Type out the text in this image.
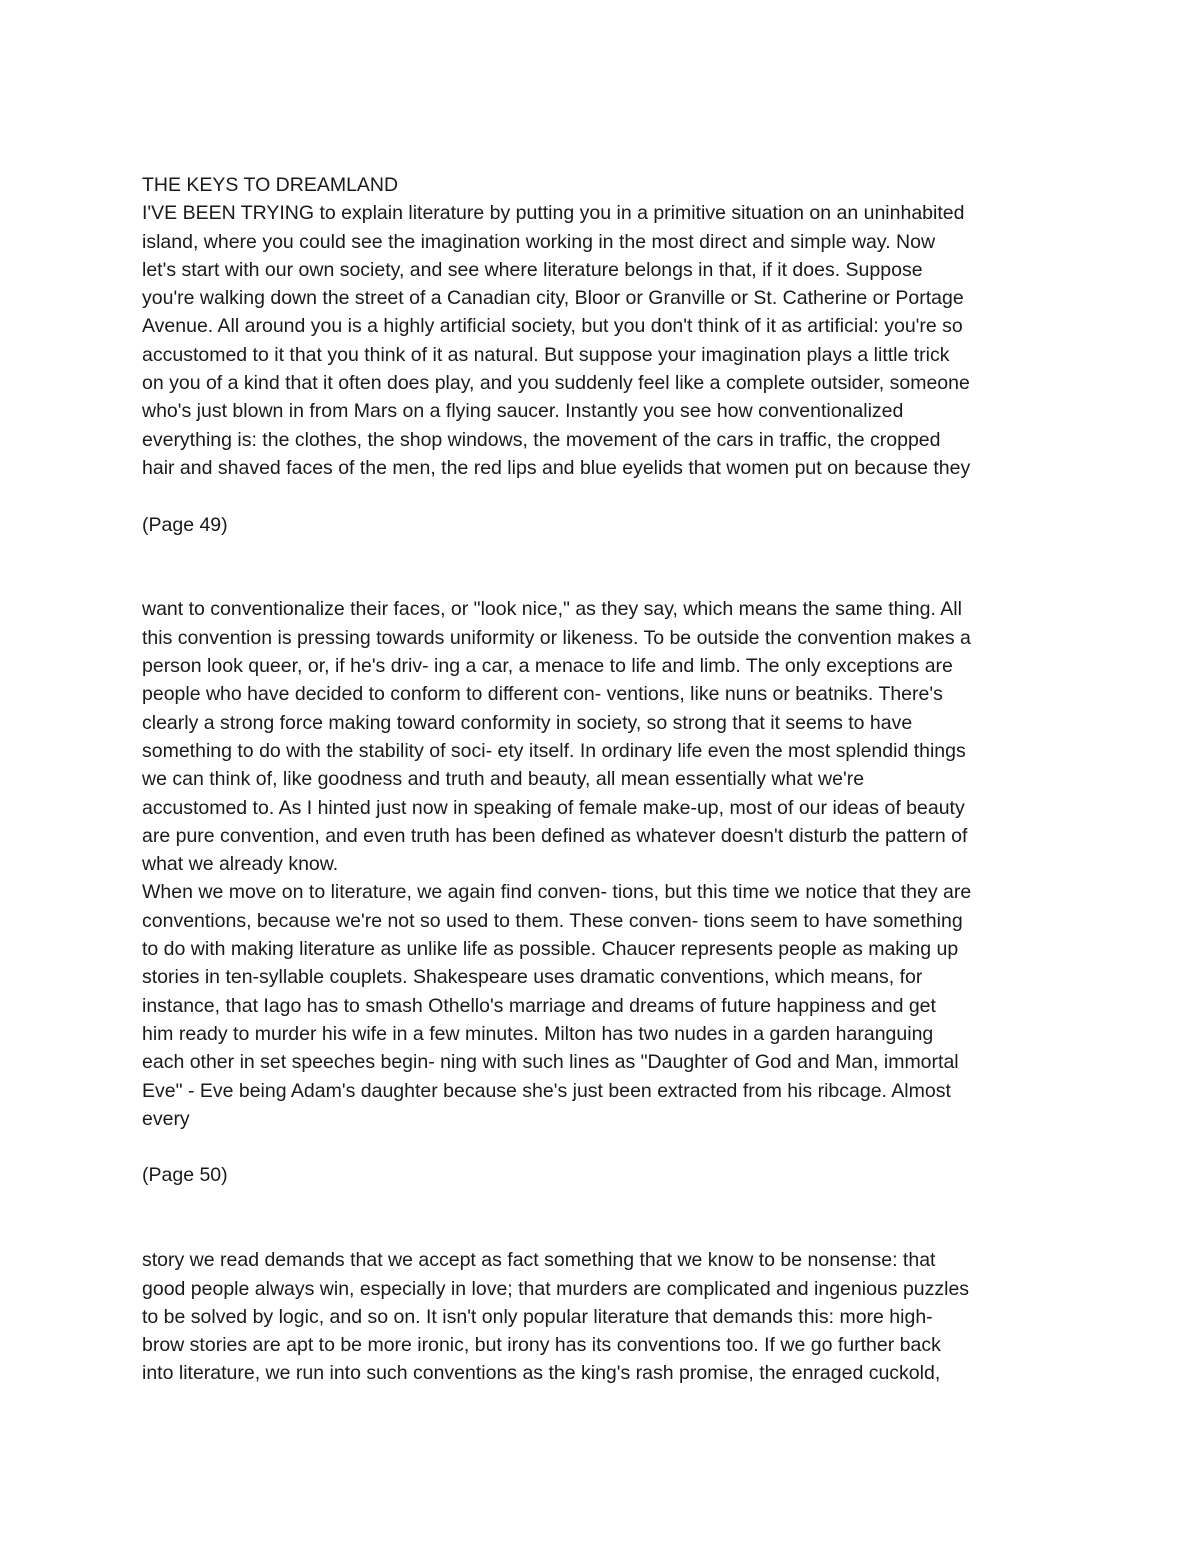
THE KEYS TO DREAMLAND
I'VE BEEN TRYING to explain literature by putting you in a primitive situation on an uninhabited
island, where you could see the imagination working in the most direct and simple way. Now
let's start with our own society, and see where literature belongs in that, if it does. Suppose
you're walking down the street of a Canadian city, Bloor or Granville or St. Catherine or Portage
Avenue. All around you is a highly artificial society, but you don't think of it as artificial: you're so
accustomed to it that you think of it as natural. But suppose your imagination plays a little trick
on you of a kind that it often does play, and you suddenly feel like a complete outsider, someone
who's just blown in from Mars on a flying saucer. Instantly you see how conventionalized
everything is: the clothes, the shop windows, the movement of the cars in traffic, the cropped
hair and shaved faces of the men, the red lips and blue eyelids that women put on because they
(Page 49)
want to conventionalize their faces, or "look nice," as they say, which means the same thing. All
this convention is pressing towards uniformity or likeness. To be outside the convention makes a
person look queer, or, if he's driv- ing a car, a menace to life and limb. The only exceptions are
people who have decided to conform to different con- ventions, like nuns or beatniks. There's
clearly a strong force making toward conformity in society, so strong that it seems to have
something to do with the stability of soci- ety itself. In ordinary life even the most splendid things
we can think of, like goodness and truth and beauty, all mean essentially what we're
accustomed to. As I hinted just now in speaking of female make-up, most of our ideas of beauty
are pure convention, and even truth has been defined as whatever doesn't disturb the pattern of
what we already know.
When we move on to literature, we again find conven- tions, but this time we notice that they are
conventions, because we're not so used to them. These conven- tions seem to have something
to do with making literature as unlike life as possible. Chaucer represents people as making up
stories in ten-syllable couplets. Shakespeare uses dramatic conventions, which means, for
instance, that Iago has to smash Othello's marriage and dreams of future happiness and get
him ready to murder his wife in a few minutes. Milton has two nudes in a garden haranguing
each other in set speeches begin- ning with such lines as "Daughter of God and Man, immortal
Eve" - Eve being Adam's daughter because she's just been extracted from his ribcage. Almost
every
(Page 50)
story we read demands that we accept as fact something that we know to be nonsense: that
good people always win, especially in love; that murders are complicated and ingenious puzzles
to be solved by logic, and so on. It isn't only popular literature that demands this: more high-
brow stories are apt to be more ironic, but irony has its conventions too. If we go further back
into literature, we run into such conventions as the king's rash promise, the enraged cuckold,
